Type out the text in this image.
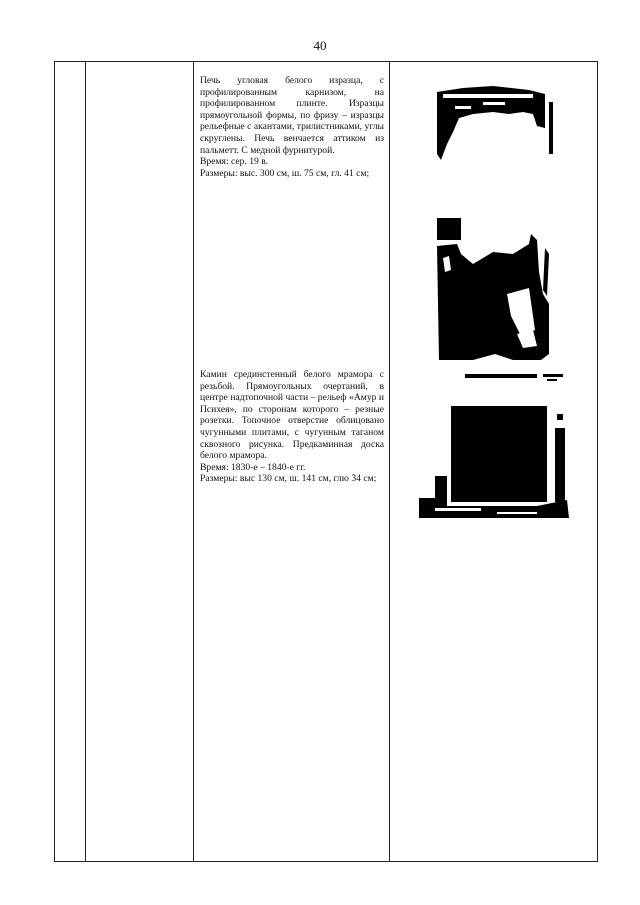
40

Печь угловая белого изразца, с профилированным карнизом, на профилированном плинте. Изразцы прямоугольной формы, по фризу – изразцы рельефные с акантами, трилистниками, углы скруглены. Печь венчается аттиком из пальметт. С медной фурнитурой.

Время: сер. 19 в.

Размеры: выс. 300 см, ш. 75 см, гл. 41 см;

Камин срединстенный белого мрамора с резьбой. Прямоугольных очертаний, в центре надтопочной части – рельеф «Амур и Психея», по сторонам которого – резные розетки. Топочное отверстие облицовано чугунными плитами, с чугунным таганом сквозного рисунка. Предкаминная доска белого мрамора.

Время: 1830-е – 1840-е гг.

Размеры: выс 130 см, ш. 141 см, глю 34 см;
